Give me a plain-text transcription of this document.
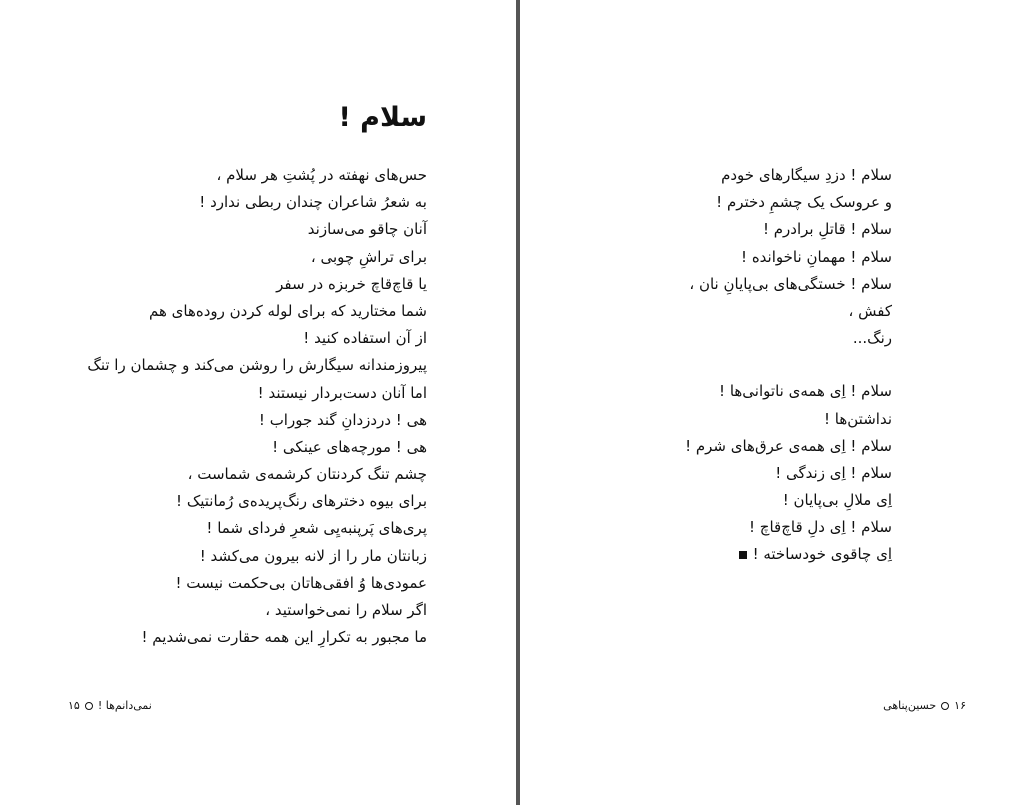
سلام !
حس‌های نهفته در پُشتِ هر سلام ،
به شعرُ شاعران چندان ربطی ندارد !
آنان چاقو می‌سازند
برای تراشِ چوبی ،
یا قاچ‌قاچ خربزه در سفر
شما مختارید که برای لوله کردن روده‌های هم
از آن استفاده کنید !
پیروزمندانه سیگارش را روشن می‌کند و چشمان را تنگ
اما آنان دست‌بردار نیستند !
هی ! دردزدانِ گند جوراب !
هی ! مورچه‌های عینکی !
چشم تنگ کردنتان کرشمه‌ی شماست ،
برای بیوه دخترهای رنگ‌پریده‌ی رُمانتیک !
پری‌های پَرپنبه‌یِی شعرِ فردای شما !
زبانتان مار را از لانه بیرون می‌کشد !
عمودی‌ها وُ افقی‌هاتان بی‌حکمت نیست !
اگر سلام را نمی‌خواستید ،
ما مجبور به تکرارِ این همه حقارت نمی‌شدیم !
نمی‌دانم‌ها !۱۵
سلام ! دزدِ سیگارهای خودم
و عروسک یک چشمِ دخترم !
سلام ! قاتلِ برادرم !
سلام ! مهمانِ ناخوانده‌ !
سلام ! خستگی‌های بی‌پایانِ نان ،
کفش ،
رنگ...
سلام ! اِی همه‌ی ناتوانی‌ها !
نداشتن‌ها !
سلام ! اِی همه‌ی عرق‌های شرم !
سلام ! اِی زندگی !
اِی ملالِ بی‌پایان !
سلام ! اِی دلِ قاچ‌قاچ !
اِی چاقوی خودساخته !
۱۶حسین‌پناهی
